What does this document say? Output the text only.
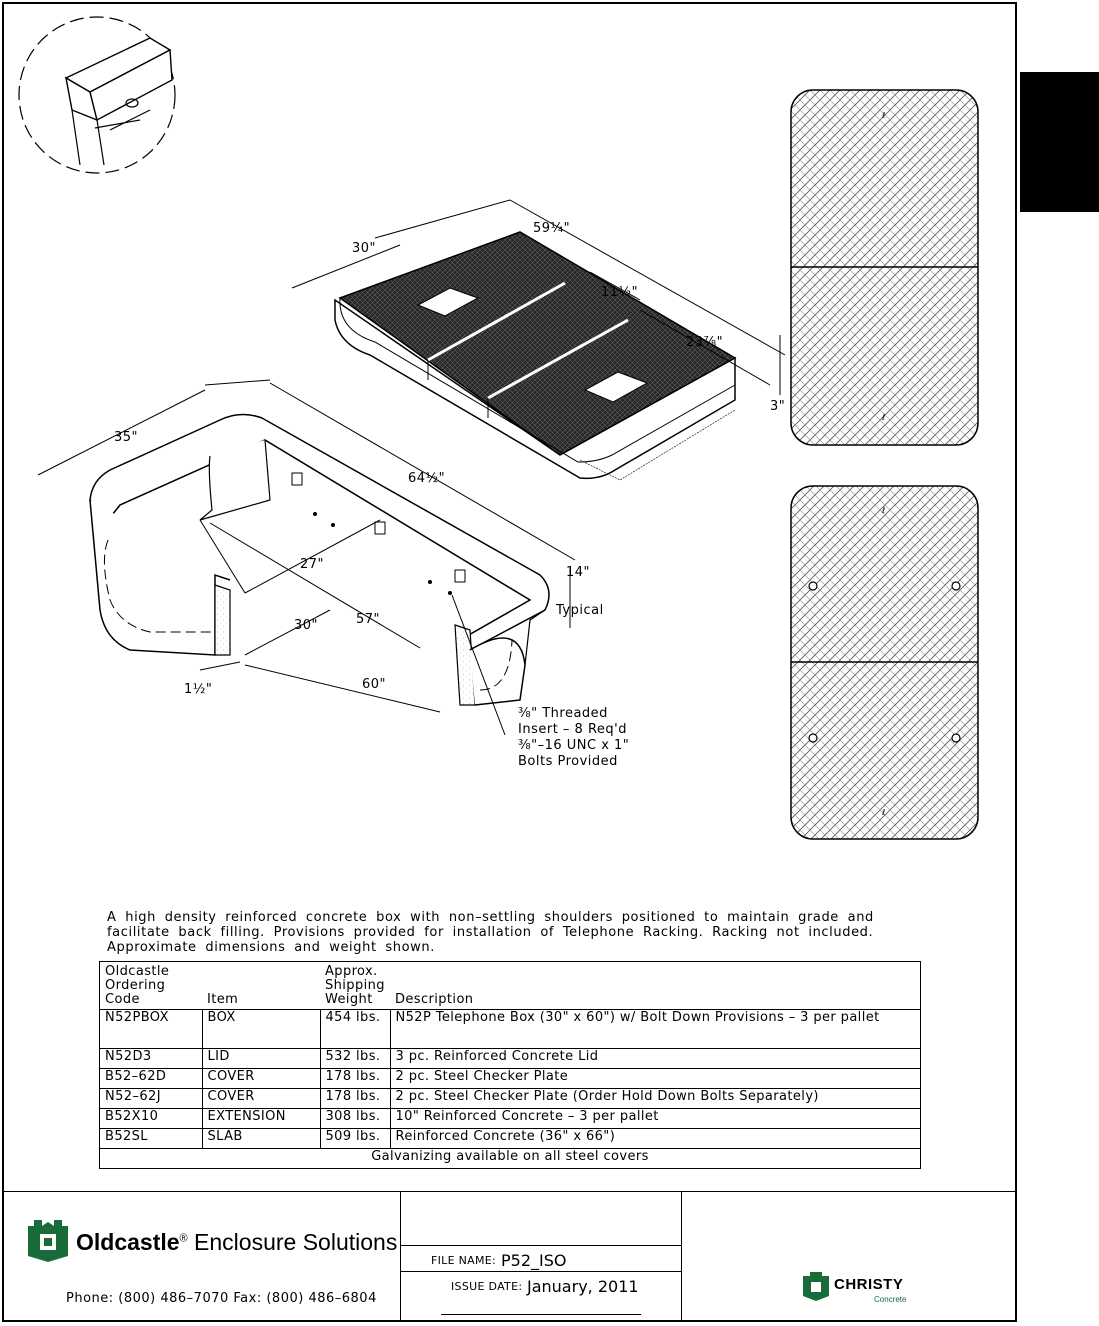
30"
59¼"
11½"
23⅞"
3"
35"
64½"
27"
57"
30"
60"
1½"
14"
Typical
⅜" Threaded
Insert – 8 Req'd
⅜"–16 UNC x 1"
Bolts Provided
ℓ
ℓ
ℓ
ℓ
A high density reinforced concrete box with non–settling shoulders positioned to maintain grade and facilitate back filling. Provisions provided for installation of Telephone Racking. Racking not included. Approximate dimensions and weight shown.
Oldcastle Ordering Code	Item	Approx. Shipping Weight	Description
N52PBOX	BOX	454 lbs.	N52P Telephone Box (30" x 60") w/ Bolt Down Provisions – 3 per pallet
N52D3	LID	532 lbs.	3 pc. Reinforced Concrete Lid
B52–62D	COVER	178 lbs.	2 pc. Steel Checker Plate
N52–62J	COVER	178 lbs.	2 pc. Steel Checker Plate (Order Hold Down Bolts Separately)
B52X10	EXTENSION	308 lbs.	10" Reinforced Concrete – 3 per pallet
B52SL	SLAB	509 lbs.	Reinforced Concrete (36" x 66")
Galvanizing available on all steel covers			
Oldcastle® Enclosure Solutions
Phone: (800) 486–7070 Fax: (800) 486–6804
FILE NAME: P52_ISO
ISSUE DATE: January, 2011	CHRISTY
Concrete
